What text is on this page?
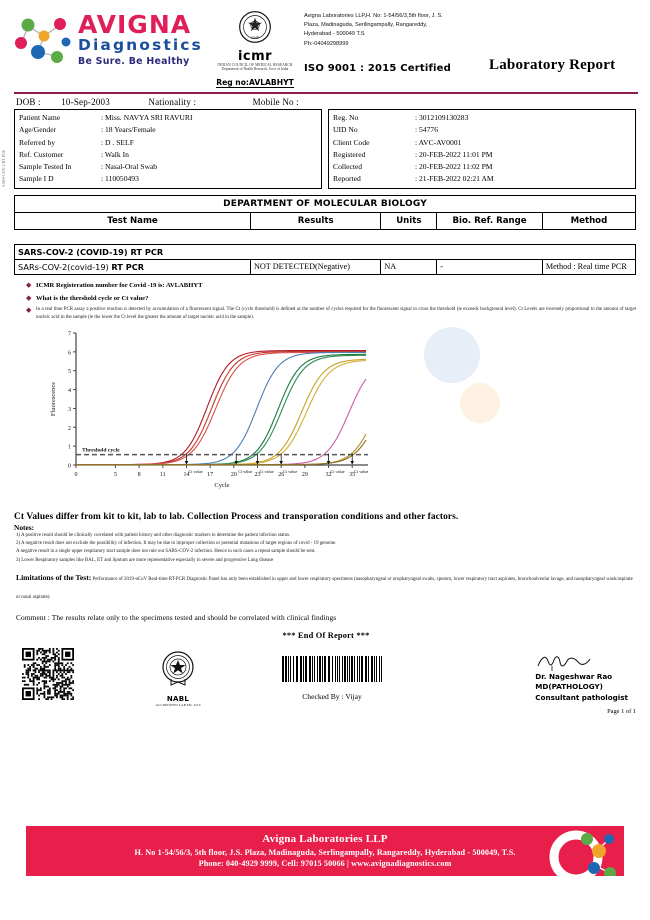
SARS-COV-2 RT PCR
AVIGNA
Diagnostics
Be Sure. Be Healthy
ICMR
icmr
INDIAN COUNCIL OF MEDICAL RESEARCH
Department of Health Research, Govt of India
Reg no:AVLABHYT
Avigna Laboratories LLP,H. No: 1-54/56/3,5th floor, J. S.
Plaza, Madinaguda, Serilingampally, Rangareddy,
Hyderabad - 500049 T.S
Ph:-04049298999
ISO 9001 : 2015 Certified	Laboratory Report
DOB : 10-Sep-2003	Nationality :	Mobile No :
Patient Name	: Miss. NAVYA SRI RAVURI
Age/Gender	: 18 Years/Female
Referred by	: D . SELF
Ref. Customer	: Walk In
Sample Tested In	: Nasal-Oral Swab
Sample I D	: 110050493
Reg. No	: 3012109130283
UID No	: 54776
Client Code	: AVC-AV0001
Registered	: 20-FEB-2022 11:01 PM
Collected	: 20-FEB-2022 11:02 PM
Reported	: 21-FEB-2022 02:21 AM
DEPARTMENT OF MOLECULAR BIOLOGY
Test Name	Results	Units	Bio. Ref. Range	Method
SARS-COV-2 (COVID-19) RT PCR
SARs-COV-2(covid-19) RT PCR	NOT DETECTED(Negative)	NA	-	Method : Real time PCR
◆ ICMR Registeration number for Covid -19 is: AVLABHYT
◆ What is the threshold cycle or Ct value?
◆ In a real time PCR assay a positive reaction is detected by accumulation of a fluorescent signal. The Ct (cycle threshold) is defined as the number of cycles required for the fluorescent signal to cross the threshold (ie exceeds background level). Ct Levels are inversely proportional to the amount of target nucleic acid in the sample (ie the lower the Ct level the greater the amount of target nucleic acid in the sample).
0
1
2
3
4
5
6
7
0	5	8	11	14	17	20	23	26	29	32	35
Cycle
Fluorescence
Threshold cycle
Ct value	Ct value Ct value Ct value	Ct value Ct value
Ct Values differ from kit to kit, lab to lab. Collection Process and transporation conditions and other factors.
Notes:
1) A positive result should be clinically correlated with patient history and other diagnostic markers to determine the patient infection status.
2) A negative result does not exclude the possibility of infection. It may be due to improper collection or potential mutations of target regions of covid - 19 genome.
A negative result in a single upper respiratory tract sample does not rule out SARS-COV-2 infection. Hence in such cases a repeat sample should be sent.
3) Lower Respiratory samples like BAL, ET and Sputum are more representative especially in severe and progressive Lung disease
Limitations of the Test: Performance of 2019-nCoV Real-time RT-PCR Diagnostic Panel has only been established in upper and lower respiratory specimens (nasopharyngeal or oropharyngeal swabs, sputum, lower respiratory tract aspirates, bronchoalveolar lavage, and nasopharyngeal wash/aspirate or nasal aspirate).
Comment : The results relate only to the specimens tested and should be correlated with clinical findings
*** End Of Report ***
NABL
ACCREDITED LAB MC 3219
Checked By : Vijay
Dr. Nageshwar Rao
MD(PATHOLOGY)
Consultant pathologist
Page 1 of 1
Avigna Laboratories LLP
H. No 1-54/56/3, 5th floor, J.S. Plaza, Madinaguda, Serlingampally, Rangareddy, Hyderabad - 500049, T.S.
Phone: 040-4929 9999, Cell: 97015 50066 | www.avignadiagnostics.com
